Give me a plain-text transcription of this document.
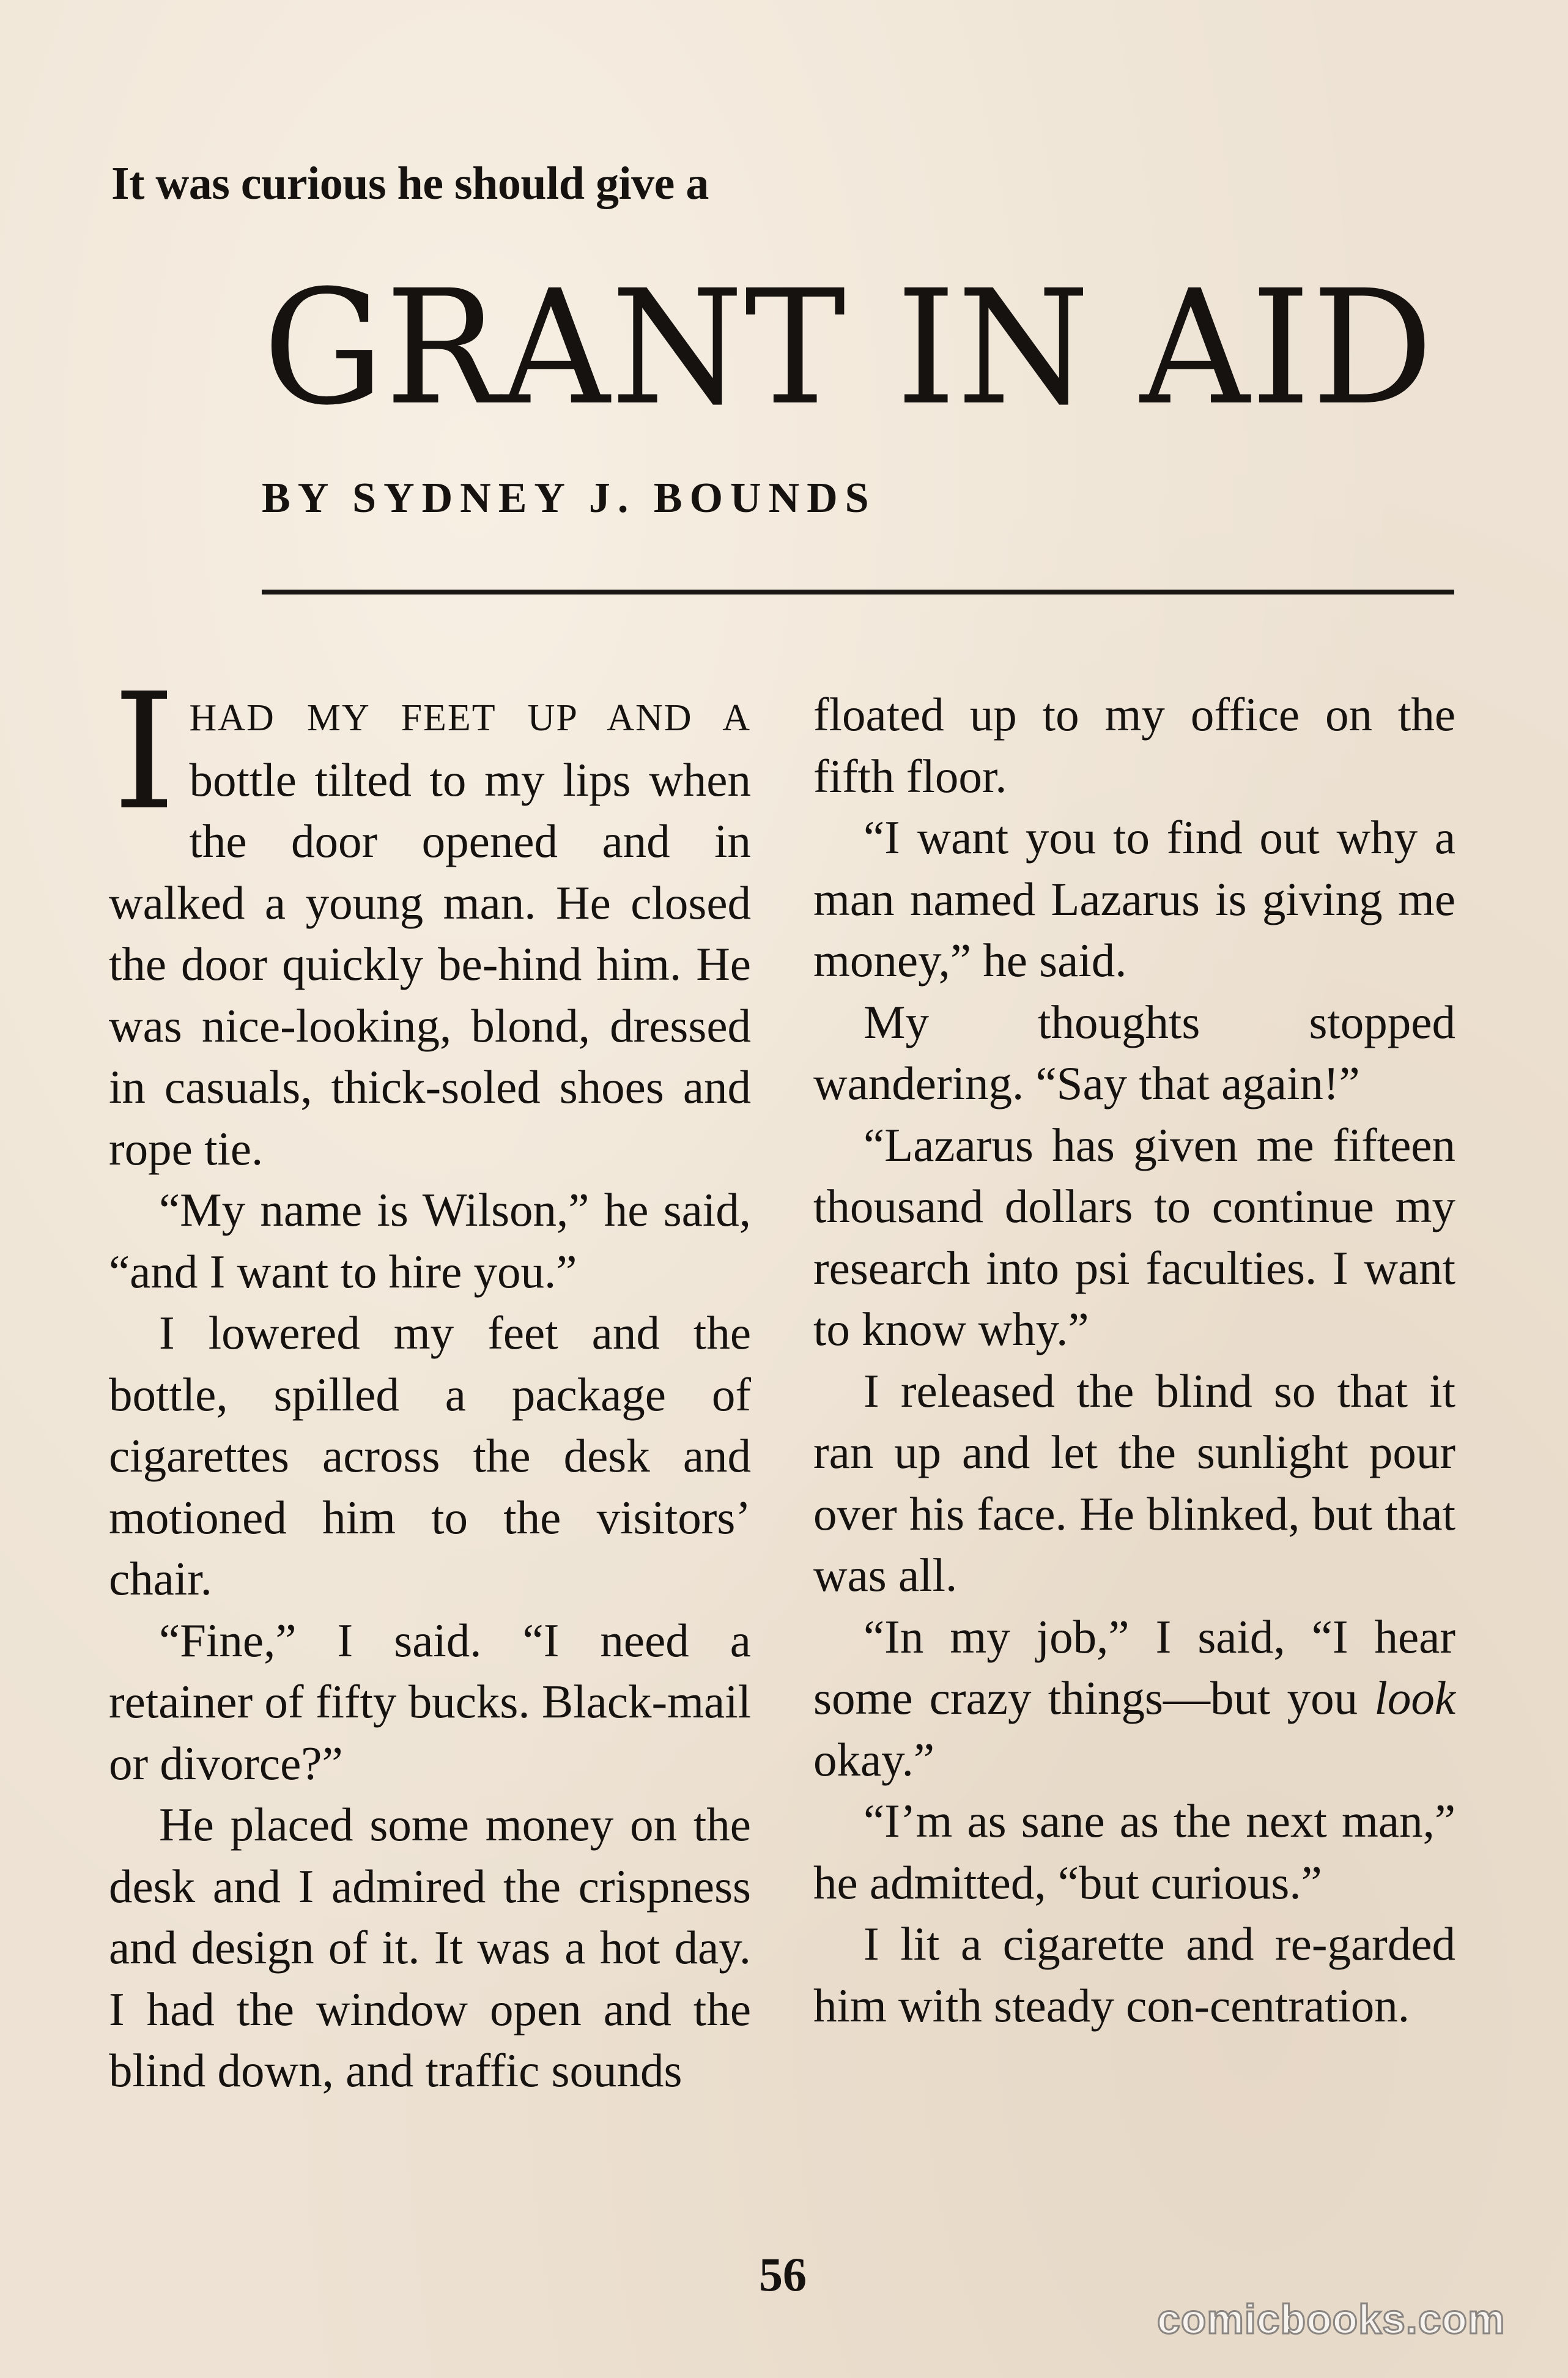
It was curious he should give a
GRANT IN AID
BY SYDNEY J. BOUNDS

IHAD MY FEET UP AND A bottle tilted to my lips when the door opened and in walked a young man. He closed the door quickly be-hind him. He was nice-looking, blond, dressed in casuals, thick-soled shoes and rope tie.

“My name is Wilson,” he said, “and I want to hire you.”

I lowered my feet and the bottle, spilled a package of cigarettes across the desk and motioned him to the visitors’ chair.

“Fine,” I said. “I need a retainer of fifty bucks. Black-mail or divorce?”

He placed some money on the desk and I admired the crispness and design of it. It was a hot day. I had the window open and the blind down, and traffic sounds

floated up to my office on the fifth floor.

“I want you to find out why a man named Lazarus is giving me money,” he said.

My thoughts stopped wandering. “Say that again!”

“Lazarus has given me fifteen thousand dollars to continue my research into psi faculties. I want to know why.”

I released the blind so that it ran up and let the sunlight pour over his face. He blinked, but that was all.

“In my job,” I said, “I hear some crazy things—but you look okay.”

“I’m as sane as the next man,” he admitted, “but curious.”

I lit a cigarette and re-garded him with steady con-centration.

56
comicbooks.com
